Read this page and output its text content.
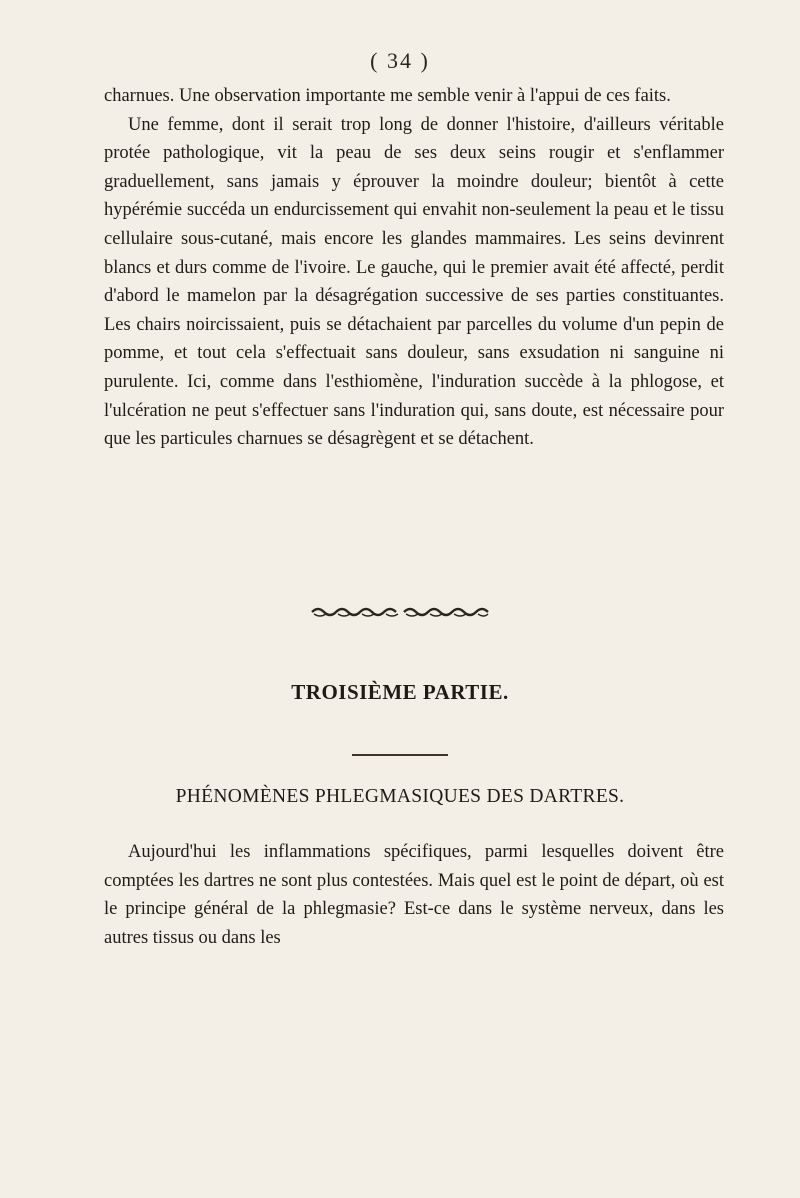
( 34 )

charnues. Une observation importante me semble venir à l'appui de ces faits.

Une femme, dont il serait trop long de donner l'histoire, d'ailleurs véritable protée pathologique, vit la peau de ses deux seins rougir et s'enflammer graduellement, sans jamais y éprouver la moindre douleur; bientôt à cette hypérémie succéda un endurcissement qui envahit non-seulement la peau et le tissu cellulaire sous-cutané, mais encore les glandes mammaires. Les seins devinrent blancs et durs comme de l'ivoire. Le gauche, qui le premier avait été affecté, perdit d'abord le mamelon par la désagrégation successive de ses parties constituantes. Les chairs noircissaient, puis se détachaient par parcelles du volume d'un pepin de pomme, et tout cela s'effectuait sans douleur, sans exsudation ni sanguine ni purulente. Ici, comme dans l'esthiomène, l'induration succède à la phlogose, et l'ulcération ne peut s'effectuer sans l'induration qui, sans doute, est nécessaire pour que les particules charnues se désagrègent et se détachent.

TROISIÈME PARTIE.
PHÉNOMÈNES PHLEGMASIQUES DES DARTRES.

Aujourd'hui les inflammations spécifiques, parmi lesquelles doivent être comptées les dartres ne sont plus contestées. Mais quel est le point de départ, où est le principe général de la phlegmasie? Est-ce dans le système nerveux, dans les autres tissus ou dans les
